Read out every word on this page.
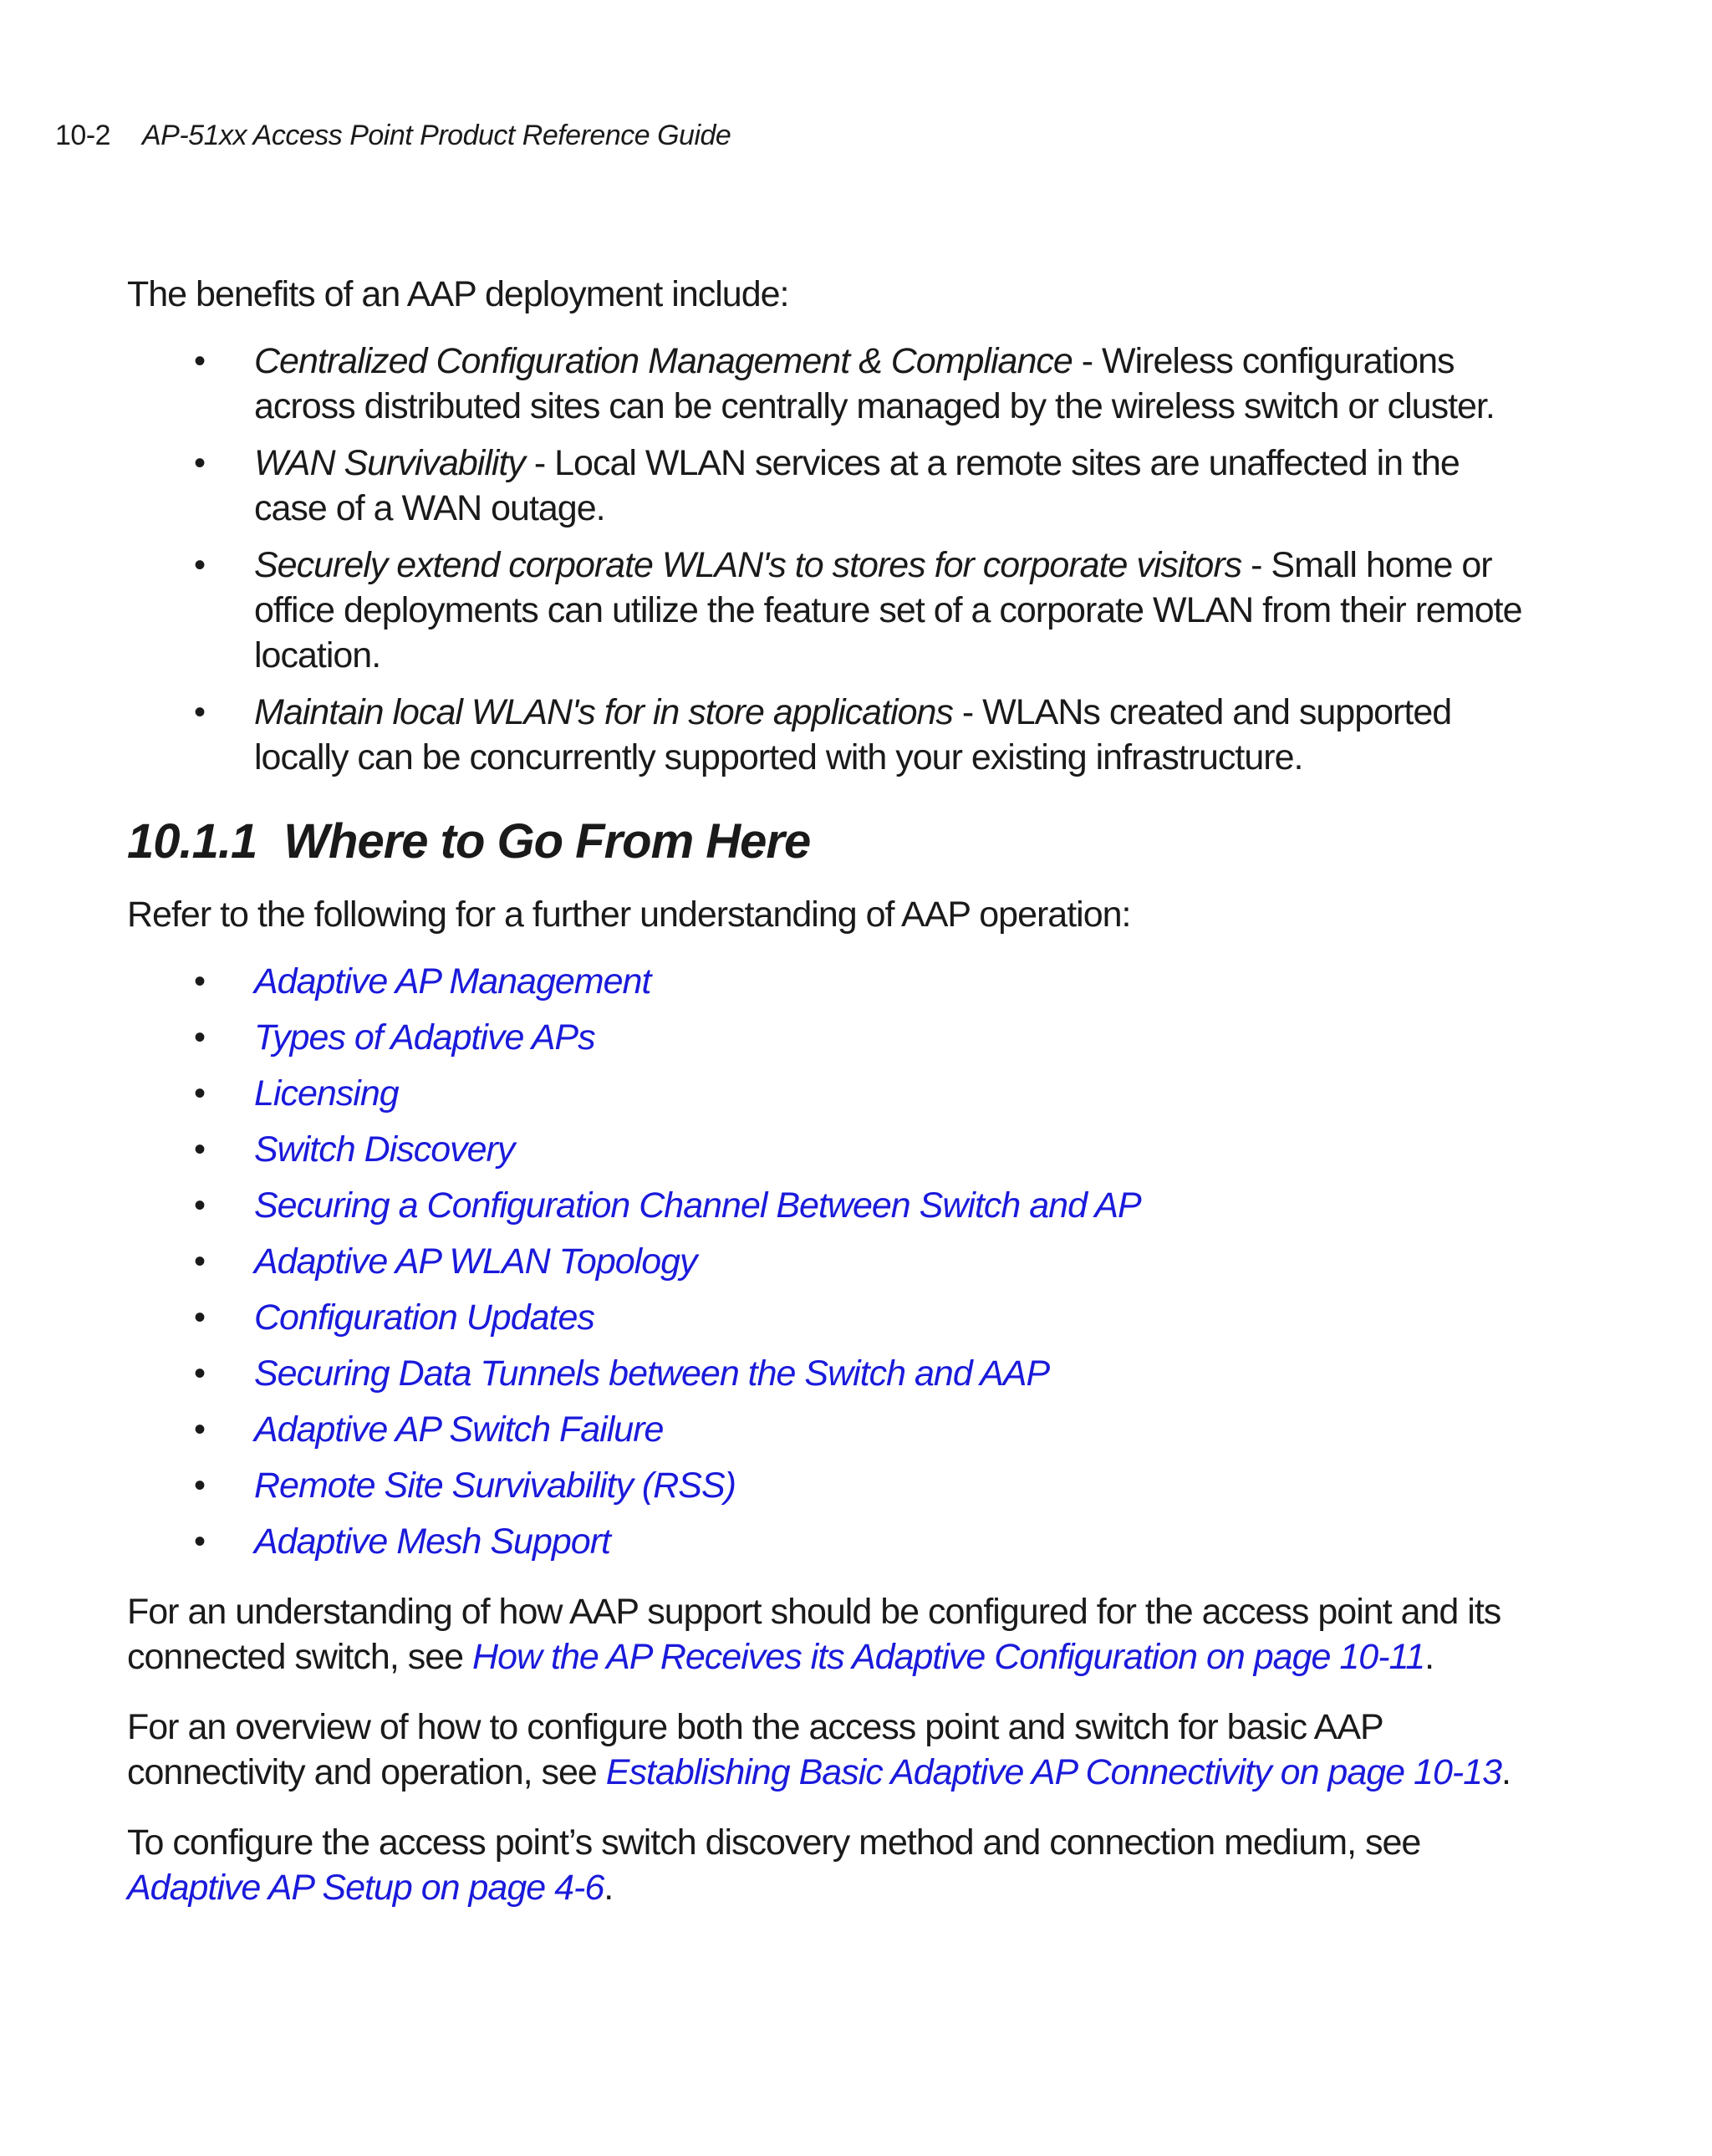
10-2 AP-51xx Access Point Product Reference Guide

The benefits of an AAP deployment include:

• Centralized Configuration Management & Compliance - Wireless configurations across distributed sites can be centrally managed by the wireless switch or cluster.
• WAN Survivability - Local WLAN services at a remote sites are unaffected in the case of a WAN outage.
• Securely extend corporate WLAN's to stores for corporate visitors - Small home or office deployments can utilize the feature set of a corporate WLAN from their remote location.
• Maintain local WLAN's for in store applications - WLANs created and supported locally can be concurrently supported with your existing infrastructure.
10.1.1 Where to Go From Here

Refer to the following for a further understanding of AAP operation:

• Adaptive AP Management
• Types of Adaptive APs
• Licensing
• Switch Discovery
• Securing a Configuration Channel Between Switch and AP
• Adaptive AP WLAN Topology
• Configuration Updates
• Securing Data Tunnels between the Switch and AAP
• Adaptive AP Switch Failure
• Remote Site Survivability (RSS)
• Adaptive Mesh Support

For an understanding of how AAP support should be configured for the access point and its connected switch, see How the AP Receives its Adaptive Configuration on page 10-11.

For an overview of how to configure both the access point and switch for basic AAP connectivity and operation, see Establishing Basic Adaptive AP Connectivity on page 10-13.

To configure the access point’s switch discovery method and connection medium, see Adaptive AP Setup on page 4-6.
